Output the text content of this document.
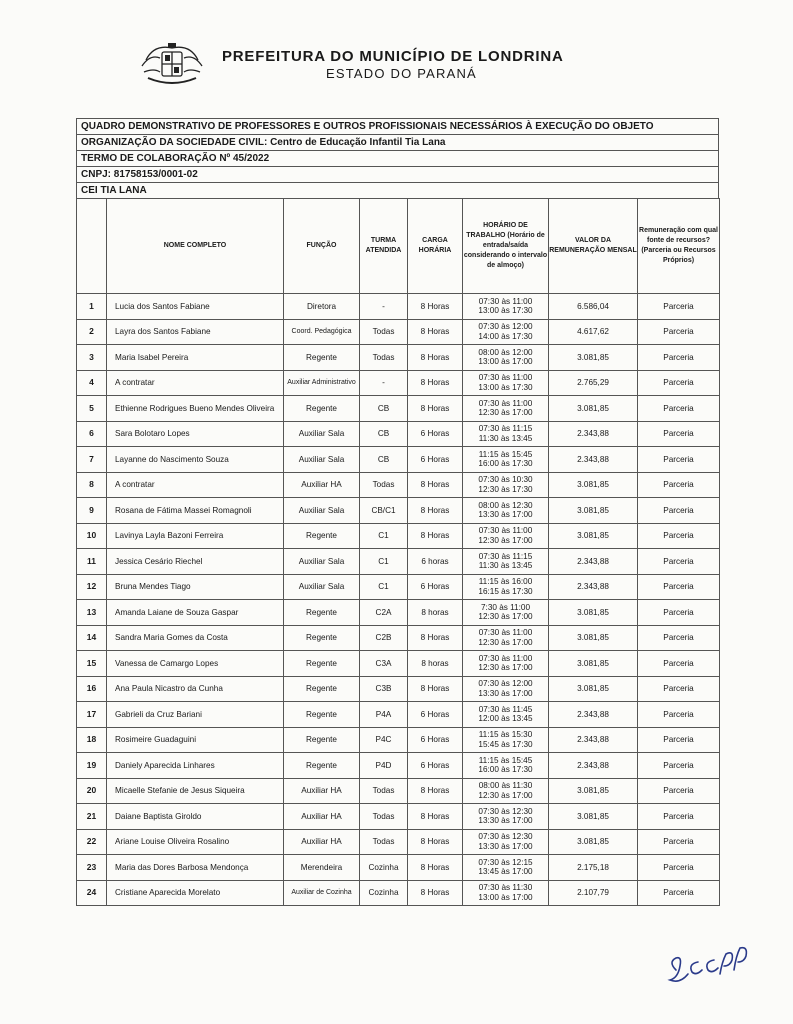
PREFEITURA DO MUNICÍPIO DE LONDRINA
ESTADO DO PARANÁ
QUADRO DEMONSTRATIVO DE PROFESSORES E OUTROS PROFISSIONAIS NECESSÁRIOS À EXECUÇÃO DO OBJETO
ORGANIZAÇÃO DA SOCIEDADE CIVIL: Centro de Educação Infantil Tia Lana
TERMO DE COLABORAÇÃO Nº 45/2022
CNPJ: 81758153/0001-02
CEI TIA LANA
	NOME COMPLETO	FUNÇÃO	TURMA ATENDIDA	CARGA HORÁRIA	HORÁRIO DE TRABALHO (Horário de entrada/saída considerando o intervalo de almoço)	VALOR DA REMUNERAÇÃO MENSAL	Remuneração com qual fonte de recursos? (Parceria ou Recursos Próprios)
1	Lucia dos Santos Fabiane	Diretora	-	8 Horas	07:30 às 11:00
13:00 às 17:30	6.586,04	Parceria
2	Layra dos Santos Fabiane	Coord. Pedagógica	Todas	8 Horas	07:30 às 12:00
14:00 às 17:30	4.617,62	Parceria
3	Maria Isabel Pereira	Regente	Todas	8 Horas	08:00 às 12:00
13:00 às 17:00	3.081,85	Parceria
4	A contratar	Auxiliar Administrativo	-	8 Horas	07:30 às 11:00
13:00 às 17:30	2.765,29	Parceria
5	Ethienne Rodrigues Bueno Mendes Oliveira	Regente	CB	8 Horas	07:30 às 11:00
12:30 às 17:00	3.081,85	Parceria
6	Sara Bolotaro Lopes	Auxiliar Sala	CB	6 Horas	07:30 às 11:15
11:30 às 13:45	2.343,88	Parceria
7	Layanne do Nascimento Souza	Auxiliar Sala	CB	6 Horas	11:15 às 15:45
16:00 às 17:30	2.343,88	Parceria
8	A contratar	Auxiliar HA	Todas	8 Horas	07:30 às 10:30
12:30 às 17:30	3.081,85	Parceria
9	Rosana de Fátima Massei Romagnoli	Auxiliar Sala	CB/C1	8 Horas	08:00 às 12:30
13:30 às 17:00	3.081,85	Parceria
10	Lavinya Layla Bazoni Ferreira	Regente	C1	8 Horas	07:30 às 11:00
12:30 às 17:00	3.081,85	Parceria
11	Jessica Cesário Riechel	Auxiliar Sala	C1	6 horas	07:30 às 11:15
11:30 às 13:45	2.343,88	Parceria
12	Bruna Mendes Tiago	Auxiliar Sala	C1	6 Horas	11:15 às 16:00
16:15 às 17:30	2.343,88	Parceria
13	Amanda Laiane de Souza Gaspar	Regente	C2A	8 horas	7:30 às 11:00
12:30 às 17:00	3.081,85	Parceria
14	Sandra Maria Gomes da Costa	Regente	C2B	8 Horas	07:30 às 11:00
12:30 às 17:00	3.081,85	Parceria
15	Vanessa de Camargo Lopes	Regente	C3A	8 horas	07:30 às 11:00
12:30 às 17:00	3.081,85	Parceria
16	Ana Paula Nicastro da Cunha	Regente	C3B	8 Horas	07:30 às 12:00
13:30 às 17:00	3.081,85	Parceria
17	Gabrieli da Cruz Bariani	Regente	P4A	6 Horas	07:30 às 11:45
12:00 às 13:45	2.343,88	Parceria
18	Rosimeire Guadaguini	Regente	P4C	6 Horas	11:15 às 15:30
15:45 às 17:30	2.343,88	Parceria
19	Daniely Aparecida Linhares	Regente	P4D	6 Horas	11:15 às 15:45
16:00 às 17:30	2.343,88	Parceria
20	Micaelle Stefanie de Jesus Siqueira	Auxiliar HA	Todas	8 Horas	08:00 às 11:30
12:30 às 17:00	3.081,85	Parceria
21	Daiane Baptista Giroldo	Auxiliar HA	Todas	8 Horas	07:30 às 12:30
13:30 às 17:00	3.081,85	Parceria
22	Ariane Louise Oliveira Rosalino	Auxiliar HA	Todas	8 Horas	07:30 às 12:30
13:30 às 17:00	3.081,85	Parceria
23	Maria das Dores Barbosa Mendonça	Merendeira	Cozinha	8 Horas	07:30 às 12:15
13:45 às 17:00	2.175,18	Parceria
24	Cristiane Aparecida Morelato	Auxiliar de Cozinha	Cozinha	8 Horas	07:30 às 11:30
13:00 às 17:00	2.107,79	Parceria
